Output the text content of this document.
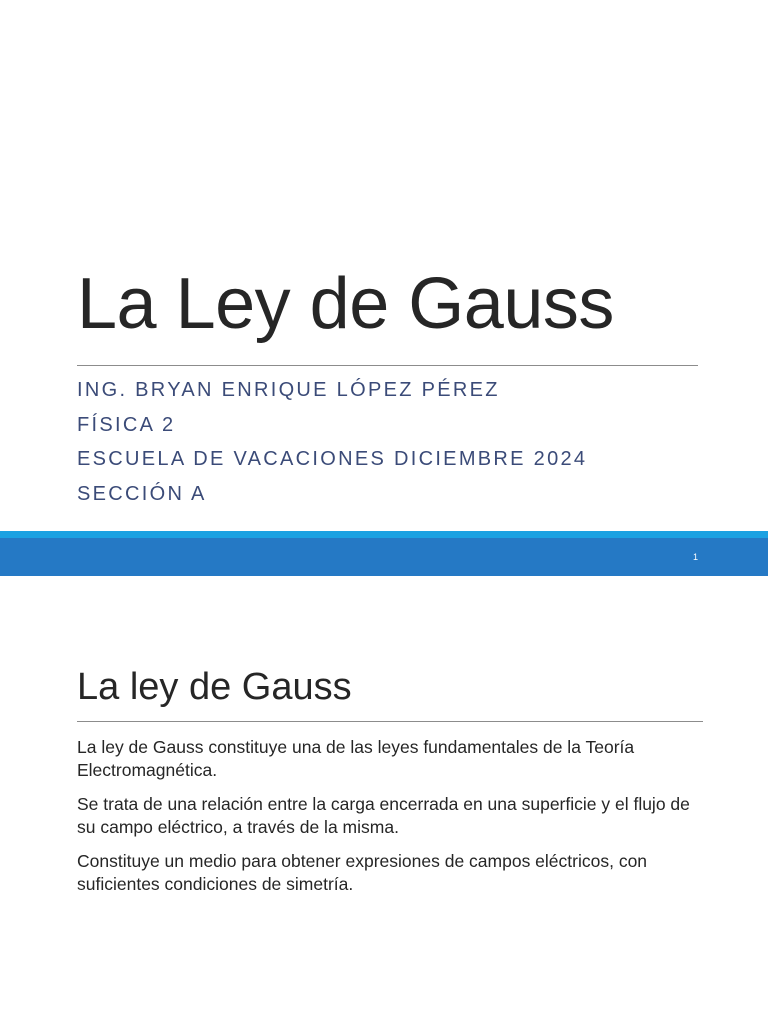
La Ley de Gauss
ING. BRYAN ENRIQUE LÓPEZ PÉREZ
FÍSICA 2
ESCUELA DE VACACIONES DICIEMBRE 2024
SECCIÓN A
1
La ley de Gauss

La ley de Gauss constituye una de las leyes fundamentales de la Teoría Electromagnética.

Se trata de una relación entre la carga encerrada en una superficie y el flujo de su campo eléctrico, a través de la misma.

Constituye un medio para obtener expresiones de campos eléctricos, con suficientes condiciones de simetría.
